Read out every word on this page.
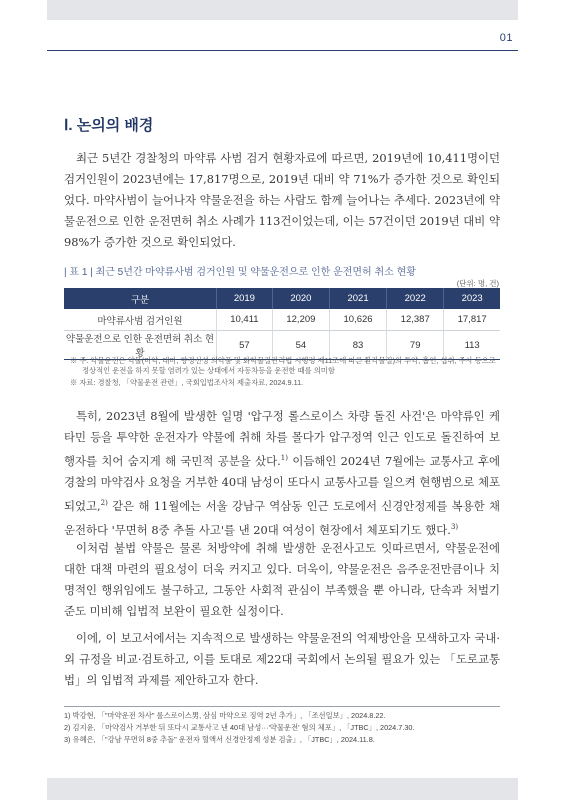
01
Ⅰ. 논의의 배경

최근 5년간 경찰청의 마약류 사범 검거 현황자료에 따르면, 2019년에 10,411명이던 검거인원이 2023년에는 17,817명으로, 2019년 대비 약 71%가 증가한 것으로 확인되었다. 마약사범이 늘어나자 약물운전을 하는 사람도 함께 늘어나는 추세다. 2023년에 약물운전으로 인한 운전면허 취소 사례가 113건이었는데, 이는 57건이던 2019년 대비 약 98%가 증가한 것으로 확인되었다.

| 표 1 | 최근 5년간 마약류사범 검거인원 및 약물운전으로 인한 운전면허 취소 현황
(단위: 명, 건)
구분	2019	2020	2021	2022	2023
마약류사범 검거인원	10,411	12,209	10,626	12,387	17,817
약물운전으로 인한 운전면허 취소 현황	57	54	83	79	113

※ 주: 약물운전은 약물(마약, 대마, 향정신성 의약품 및 화학물질관리법 시행령 제11조에 따른 환각물질)의 투약, 흡연, 섭취, 주사 등으로

정상적인 운전을 하지 못할 염려가 있는 상태에서 자동차등을 운전한 때를 의미함

※ 자료: 경찰청, 「약물운전 관련」, 국회입법조사처 제출자료, 2024.9.11.

특히, 2023년 8월에 발생한 일명 '압구정 롤스로이스 차량 돌진 사건'은 마약류인 케타민 등을 투약한 운전자가 약물에 취해 차를 몰다가 압구정역 인근 인도로 돌진하여 보행자를 치어 숨지게 해 국민적 공분을 샀다.$^{1)}$ 이듬해인 2024년 7월에는 교통사고 후에 경찰의 마약검사 요청을 거부한 40대 남성이 또다시 교통사고를 일으켜 현행범으로 체포되었고,$^{2)}$ 같은 해 11월에는 서울 강남구 역삼동 인근 도로에서 신경안정제를 복용한 채 운전하다 '무면허 8중 추돌 사고'를 낸 20대 여성이 현장에서 체포되기도 했다.$^{3)}$

이처럼 불법 약물은 물론 처방약에 취해 발생한 운전사고도 잇따르면서, 약물운전에 대한 대책 마련의 필요성이 더욱 커지고 있다. 더욱이, 약물운전은 음주운전만큼이나 치명적인 행위임에도 불구하고, 그동안 사회적 관심이 부족했을 뿐 아니라, 단속과 처벌기준도 미비해 입법적 보완이 필요한 실정이다.

이에, 이 보고서에서는 지속적으로 발생하는 약물운전의 억제방안을 모색하고자 국내·외 규정을 비교·검토하고, 이를 토대로 제22대 국회에서 논의될 필요가 있는 「도로교통법」의 입법적 과제를 제안하고자 한다.

1) 박강현, 「"마약운전 차사" 롤스로이스男, 삼심 마약으로 징역 2년 추가」, 「조선일보」, 2024.8.22.

2) 김지윤, 「마약검사 거부한 뒤 또다시 교통사고 낸 40대 남성···'약물운전' 혐의 체포」, 「JTBC」, 2024.7.30.

3) 유혜은, 「"강남 무면허 8중 추돌" 운전자 혈액서 신경안정제 성분 검출」, 「JTBC」, 2024.11.8.
